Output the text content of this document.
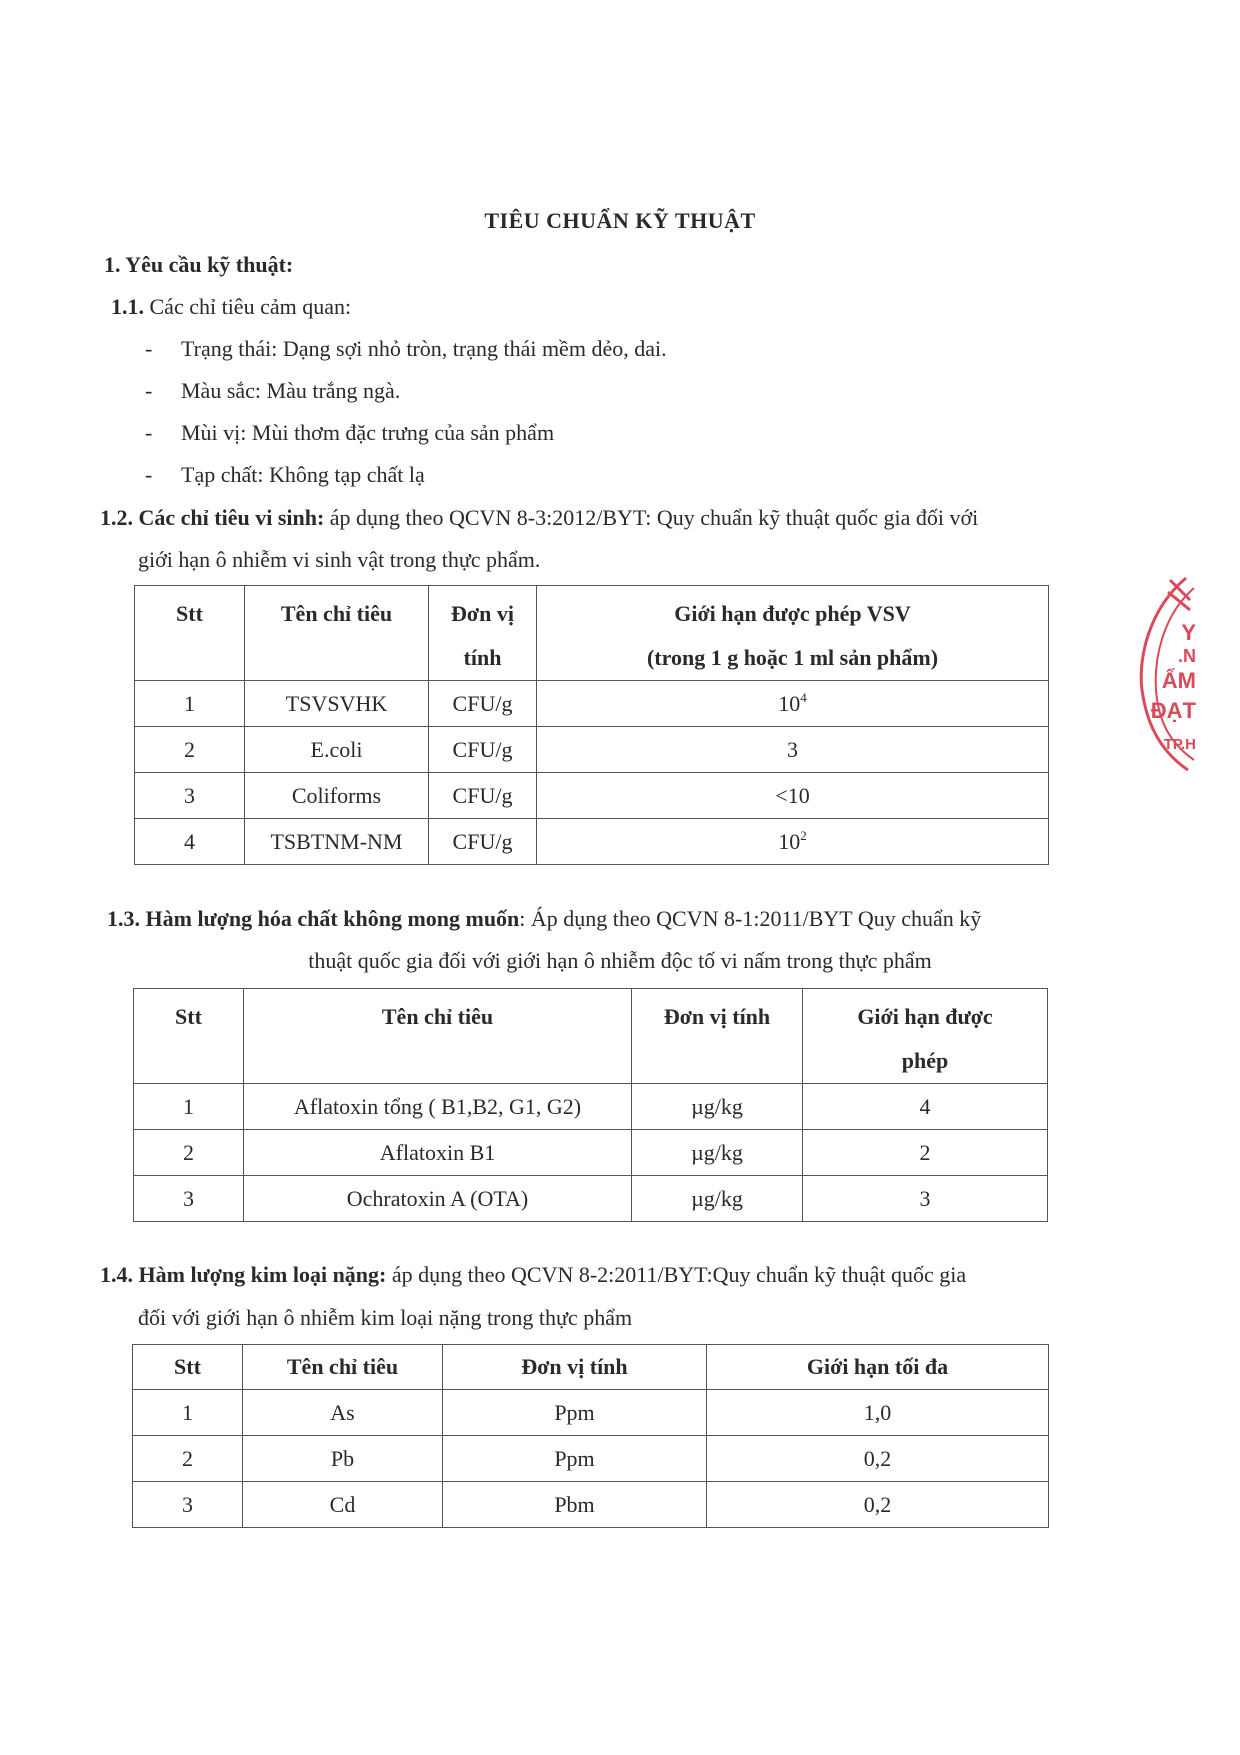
TIÊU CHUẨN KỸ THUẬT
1. Yêu cầu kỹ thuật:
1.1. Các chỉ tiêu cảm quan:
- Trạng thái: Dạng sợi nhỏ tròn, trạng thái mềm dẻo, dai.
- Màu sắc: Màu trắng ngà.
- Mùi vị: Mùi thơm đặc trưng của sản phẩm
- Tạp chất: Không tạp chất lạ
1.2. Các chỉ tiêu vi sinh: áp dụng theo QCVN 8-3:2012/BYT: Quy chuẩn kỹ thuật quốc gia đối với
giới hạn ô nhiễm vi sinh vật trong thực phẩm.
Stt	Tên chỉ tiêu	Đơn vị
tính	Giới hạn được phép VSV
(trong 1 g hoặc 1 ml sản phẩm)
1	TSVSVHK	CFU/g	$10^4$
2	E.coli	CFU/g	3
3	Coliforms	CFU/g	<10
4	TSBTNM-NM	CFU/g	$10^2$
1.3. Hàm lượng hóa chất không mong muốn: Áp dụng theo QCVN 8-1:2011/BYT Quy chuẩn kỹ
thuật quốc gia đối với giới hạn ô nhiễm độc tố vi nấm trong thực phẩm
Stt	Tên chỉ tiêu	Đơn vị tính	Giới hạn được
phép
1	Aflatoxin tổng ( B1,B2, G1, G2)	µg/kg	4
2	Aflatoxin B1	µg/kg	2
3	Ochratoxin A (OTA)	µg/kg	3
1.4. Hàm lượng kim loại nặng: áp dụng theo QCVN 8-2:2011/BYT:Quy chuẩn kỹ thuật quốc gia
đối với giới hạn ô nhiễm kim loại nặng trong thực phẩm
Stt	Tên chỉ tiêu	Đơn vị tính	Giới hạn tối đa
1	As	Ppm	1,0
2	Pb	Ppm	0,2
3	Cd	Pbm	0,2
Y
.N
ẨM
ĐẠT
TP.H
